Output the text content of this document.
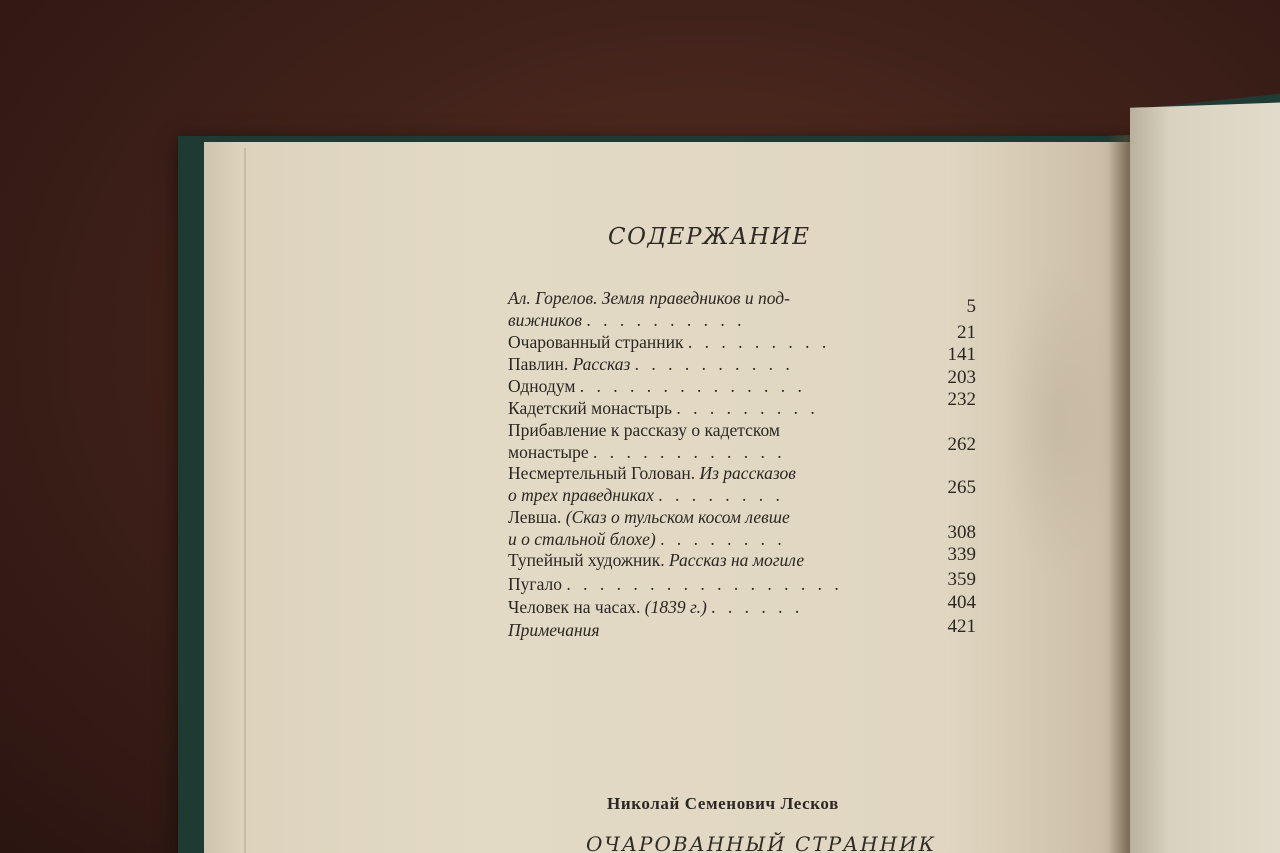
СОДЕРЖАНИЕ
Ал. Горелов. Земля праведников и под-
вижников . . . . . . . . . .
5
Очарованный странник . . . . . . . . .	21
Павлин. Рассказ . . . . . . . . . .	141
Однодум . . . . . . . . . . . . . .	203
Кадетский монастырь . . . . . . . . .	232
Прибавление к рассказу о кадетском
монастыре . . . . . . . . . . . .	262
Несмертельный Голован. Из рассказов
о трех праведниках . . . . . . . .	265
Левша. (Сказ о тульском косом левше
и о стальной блохе) . . . . . . . .	308
Тупейный художник. Рассказ на могиле	339
Пугало . . . . . . . . . . . . . . . . .	359
Человек на часах. (1839 г.) . . . . . .	404
Примечания	421
Николай Семенович Лесков
ОЧАРОВАННЫЙ СТРАННИК
